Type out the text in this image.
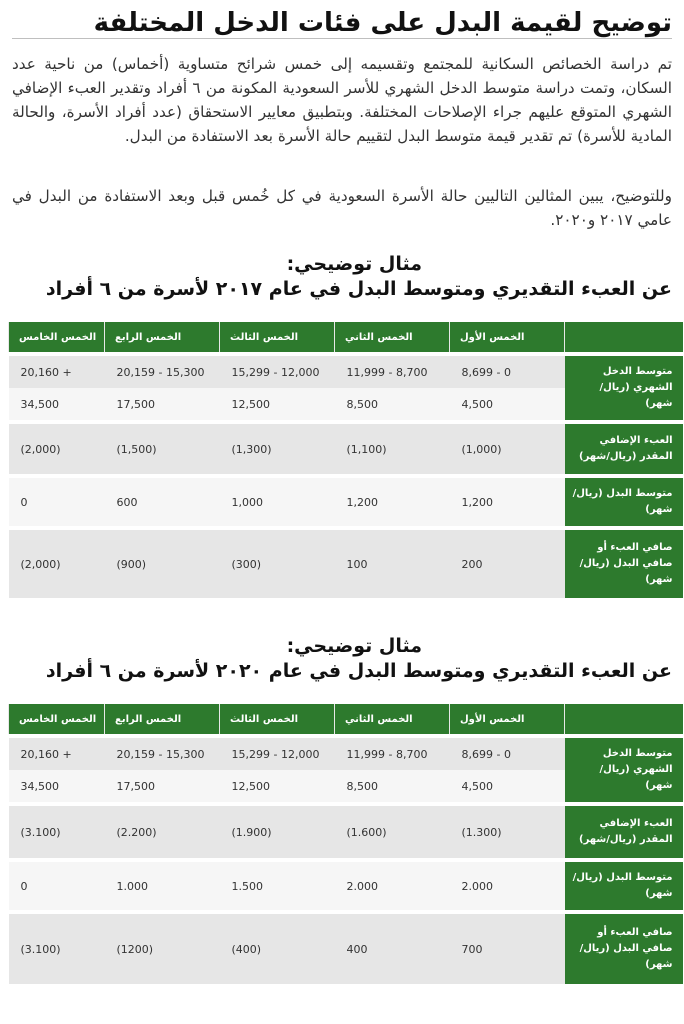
توضيح لقيمة البدل على فئات الدخل المختلفة

تم دراسة الخصائص السكانية للمجتمع وتقسيمه إلى خمس شرائح متساوية (أخماس) من ناحية عدد السكان، وتمت دراسة متوسط الدخل الشهري للأسر السعودية المكونة من ٦ أفراد وتقدير العبء الإضافي الشهري المتوقع عليهم جراء الإصلاحات المختلفة. وبتطبيق معايير الاستحقاق (عدد أفراد الأسرة، والحالة المادية للأسرة) تم تقدير قيمة متوسط البدل لتقييم حالة الأسرة بعد الاستفادة من البدل.

وللتوضيح، يبين المثالين التاليين حالة الأسرة السعودية في كل خُمس قبل وبعد الاستفادة من البدل في عامي ٢٠١٧ و٢٠٢٠.

مثال توضيحي:
عن العبء التقديري ومتوسط البدل في عام ٢٠١٧ لأسرة من ٦ أفراد
	الخمس الأول	الخمس الثاني	الخمس الثالث	الخمس الرابع	الخمس الخامس
متوسط الدخل الشهري (ريال/ شهر)	0 - 8,699	8,700 - 11,999	12,000 - 15,299	15,300 - 20,159	+ 20,160
	4,500	8,500	12,500	17,500	34,500
العبء الإضافي المقدر (ريال/شهر)	(1,000)	(1,100)	(1,300)	(1,500)	(2,000)
متوسط البدل (ريال/شهر)	1,200	1,200	1,000	600	0
صافي العبء أو صافي البدل (ريال/شهر)	200	100	(300)	(900)	(2,000)
مثال توضيحي:
عن العبء التقديري ومتوسط البدل في عام ٢٠٢٠ لأسرة من ٦ أفراد
	الخمس الأول	الخمس الثاني	الخمس الثالث	الخمس الرابع	الخمس الخامس
متوسط الدخل الشهري (ريال/ شهر)	0 - 8,699	8,700 - 11,999	12,000 - 15,299	15,300 - 20,159	+ 20,160
	4,500	8,500	12,500	17,500	34,500
العبء الإضافي المقدر (ريال/شهر)	(1.300)	(1.600)	(1.900)	(2.200)	(3.100)
متوسط البدل (ريال/شهر)	2.000	2.000	1.500	1.000	0
صافي العبء أو صافي البدل (ريال/شهر)	700	400	(400)	(1200)	(3.100)
